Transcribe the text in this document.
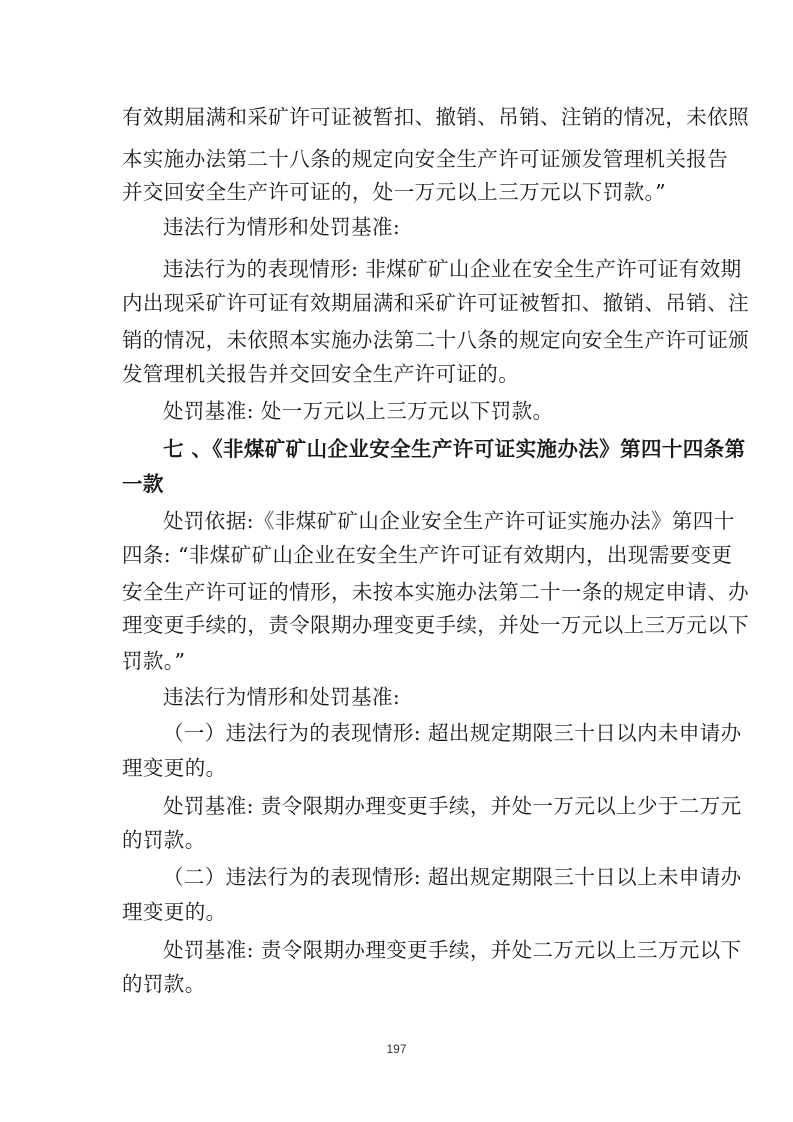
有效期届满和采矿许可证被暂扣、撤销、吊销、注销的情况，未依照
本实施办法第二十八条的规定向安全生产许可证颁发管理机关报告
并交回安全生产许可证的，处一万元以上三万元以下罚款。”
违法行为情形和处罚基准:
违法行为的表现情形: 非煤矿矿山企业在安全生产许可证有效期
内出现采矿许可证有效期届满和采矿许可证被暂扣、撤销、吊销、注
销的情况，未依照本实施办法第二十八条的规定向安全生产许可证颁
发管理机关报告并交回安全生产许可证的。
处罚基准: 处一万元以上三万元以下罚款。
七 、《非煤矿矿山企业安全生产许可证实施办法》第四十四条第
一款
处罚依据:《非煤矿矿山企业安全生产许可证实施办法》第四十
四条: “非煤矿矿山企业在安全生产许可证有效期内，出现需要变更
安全生产许可证的情形，未按本实施办法第二十一条的规定申请、办
理变更手续的，责令限期办理变更手续，并处一万元以上三万元以下
罚款。”
违法行为情形和处罚基准:
（一）违法行为的表现情形: 超出规定期限三十日以内未申请办
理变更的。
处罚基准: 责令限期办理变更手续，并处一万元以上少于二万元
的罚款。
（二）违法行为的表现情形: 超出规定期限三十日以上未申请办
理变更的。
处罚基准: 责令限期办理变更手续，并处二万元以上三万元以下
的罚款。
197
